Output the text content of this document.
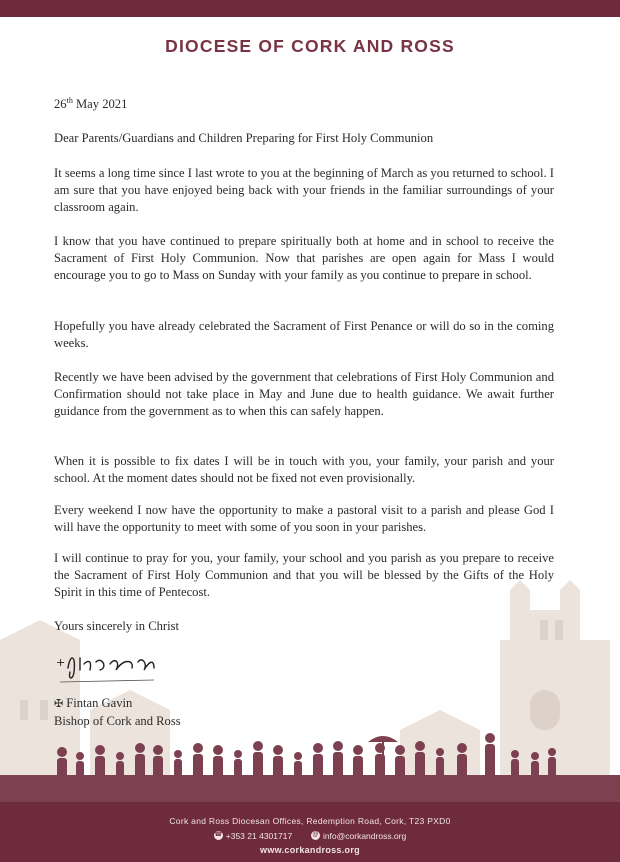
DIOCESE OF CORK AND ROSS

26th May 2021

Dear Parents/Guardians and Children Preparing for First Holy Communion

It seems a long time since I last wrote to you at the beginning of March as you returned to school. I am sure that you have enjoyed being back with your friends in the familiar surroundings of your classroom again.

I know that you have continued to prepare spiritually both at home and in school to receive the Sacrament of First Holy Communion. Now that parishes are open again for Mass I would encourage you to go to Mass on Sunday with your family as you continue to prepare in school.

Hopefully you have already celebrated the Sacrament of First Penance or will do so in the coming weeks.

Recently we have been advised by the government that celebrations of First Holy Communion and Confirmation should not take place in May and June due to health guidance. We await further guidance from the government as to when this can safely happen.

When it is possible to fix dates I will be in touch with you, your family, your parish and your school. At the moment dates should not be fixed not even provisionally.

Every weekend I now have the opportunity to make a pastoral visit to a parish and please God I will have the opportunity to meet with some of you soon in your parishes.

I will continue to pray for you, your family, your school and you parish as you prepare to receive the Sacrament of First Holy Communion and that you will be blessed by the Gifts of the Holy Spirit in this time of Pentecost.

Yours sincerely in Christ

+
✠ Fintan Gavin
Bishop of Cork and Ross
Cork and Ross Diocesan Offices, Redemption Road, Cork, T23 PXD0
☎ +353 21 4301717	@ info@corkandross.org
www.corkandross.org
